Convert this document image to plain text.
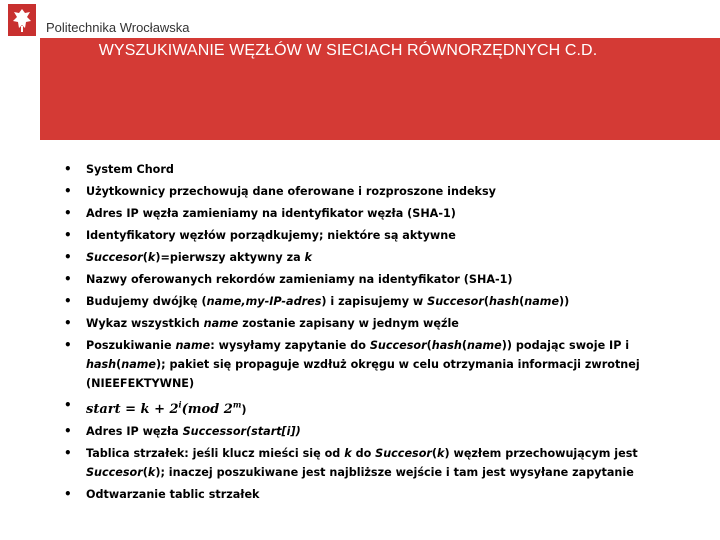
Politechnika Wrocławska
WYSZUKIWANIE WĘZŁÓW W SIECIACH RÓWNORZĘDNYCH C.D.
• System Chord
• Użytkownicy przechowują dane oferowane i rozproszone indeksy
• Adres IP węzła zamieniamy na identyfikator węzła (SHA-1)
• Identyfikatory węzłów porządkujemy; niektóre są aktywne
• Succesor(k)=pierwszy aktywny za k
• Nazwy oferowanych rekordów zamieniamy na identyfikator (SHA-1)
• Budujemy dwójkę (name,my-IP-adres) i zapisujemy w Succesor(hash(name))
• Wykaz wszystkich name zostanie zapisany w jednym węźle
• Poszukiwanie name: wysyłamy zapytanie do Succesor(hash(name)) podając swoje IP i hash(name); pakiet się propaguje wzdłuż okręgu w celu otrzymania informacji zwrotnej (NIEEFEKTYWNE)
• start = $k + 2^i(mod$ 2$^m$)
• Adres IP węzła Successor(start[i])
• Tablica strzałek: jeśli klucz mieści się od k do Succesor(k) węzłem przechowującym jest Succesor(k); inaczej poszukiwane jest najbliższe wejście i tam jest wysyłane zapytanie
• Odtwarzanie tablic strzałek
